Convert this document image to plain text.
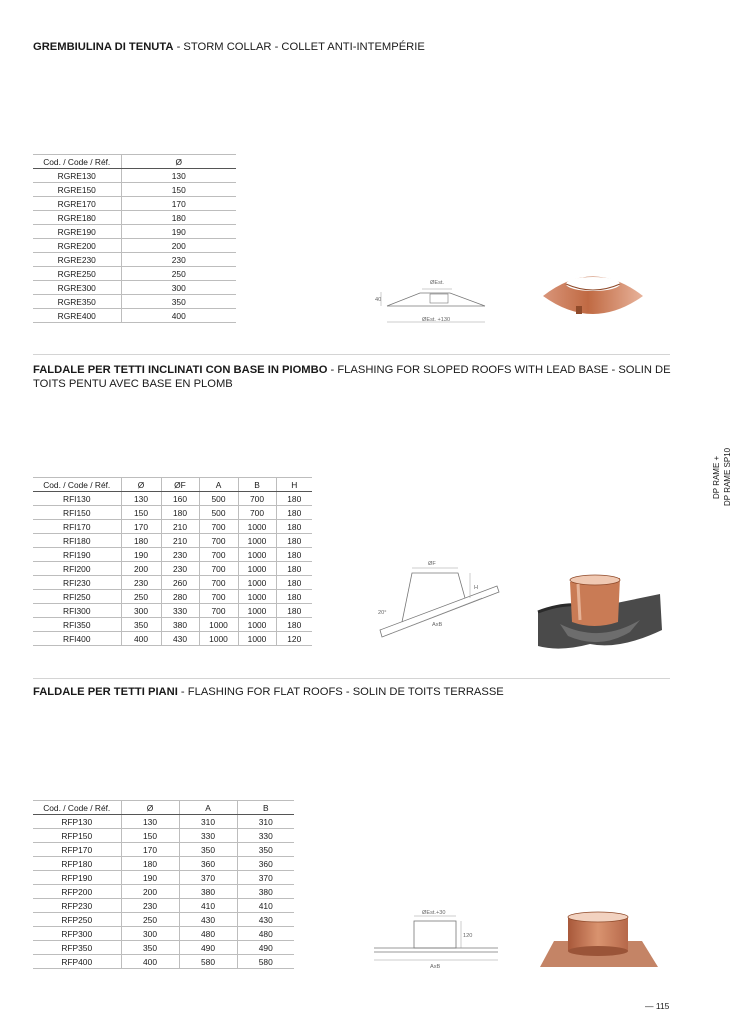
GREMBIULINA DI TENUTA - STORM COLLAR - COLLET ANTI-INTEMPÉRIE
Cod. / Code / Réf.	Ø
RGRE130	130
RGRE150	150
RGRE170	170
RGRE180	180
RGRE190	190
RGRE200	200
RGRE230	230
RGRE250	250
RGRE300	300
RGRE350	350
RGRE400	400
ØEst.
40
ØEst. +130
FALDALE PER TETTI INCLINATI CON BASE IN PIOMBO - FLASHING FOR SLOPED ROOFS WITH LEAD BASE - SOLIN DE TOITS PENTU AVEC BASE EN PLOMB
Cod. / Code / Réf.	Ø	ØF	A	B	H
RFI130	130	160	500	700	180
RFI150	150	180	500	700	180
RFI170	170	210	700	1000	180
RFI180	180	210	700	1000	180
RFI190	190	230	700	1000	180
RFI200	200	230	700	1000	180
RFI230	230	260	700	1000	180
RFI250	250	280	700	1000	180
RFI300	300	330	700	1000	180
RFI350	350	380	1000	1000	180
RFI400	400	430	1000	1000	120
ØF
H
20°
AxB
FALDALE PER TETTI PIANI - FLASHING FOR FLAT ROOFS - SOLIN DE TOITS TERRASSE
Cod. / Code / Réf.	Ø	A	B
RFP130	130	310	310
RFP150	150	330	330
RFP170	170	350	350
RFP180	180	360	360
RFP190	190	370	370
RFP200	200	380	380
RFP230	230	410	410
RFP250	250	430	430
RFP300	300	480	480
RFP350	350	490	490
RFP400	400	580	580
ØEst.+30
120
AxB
DP RAME + DP RAME SP10
— 115
